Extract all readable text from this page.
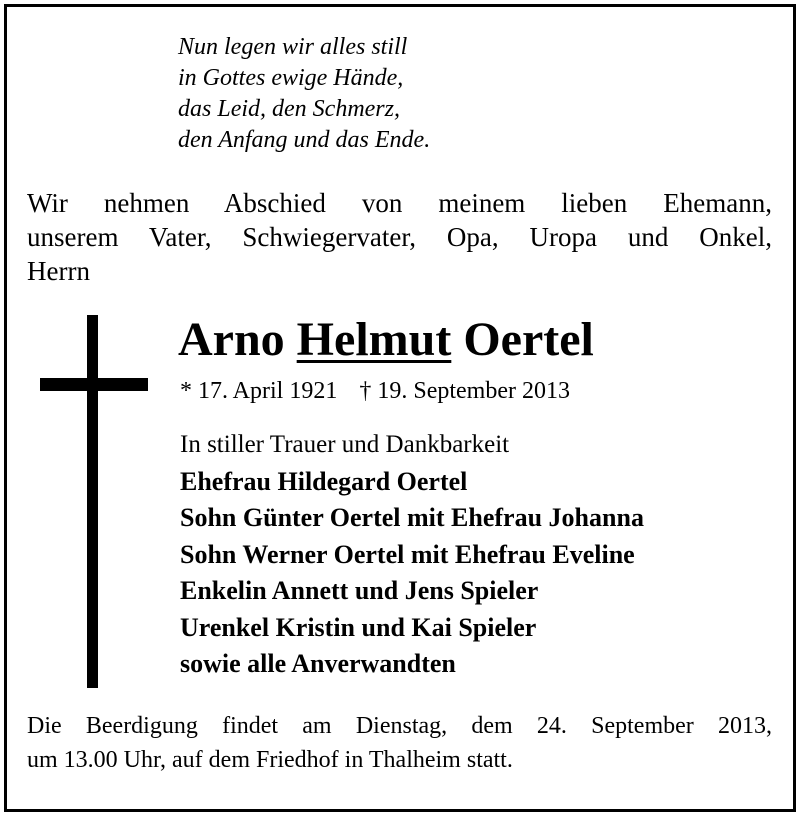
Nun legen wir alles still
in Gottes ewige Hände,
das Leid, den Schmerz,
den Anfang und das Ende.
Wir nehmen Abschied von meinem lieben Ehemann,
unserem Vater, Schwiegervater, Opa, Uropa und Onkel,
Herrn
Arno Helmut Oertel
* 17. April 1921 † 19. September 2013
In stiller Trauer und Dankbarkeit
Ehefrau Hildegard Oertel
Sohn Günter Oertel mit Ehefrau Johanna
Sohn Werner Oertel mit Ehefrau Eveline
Enkelin Annett und Jens Spieler
Urenkel Kristin und Kai Spieler
sowie alle Anverwandten
Die Beerdigung findet am Dienstag, dem 24. September 2013,
um 13.00 Uhr, auf dem Friedhof in Thalheim statt.
